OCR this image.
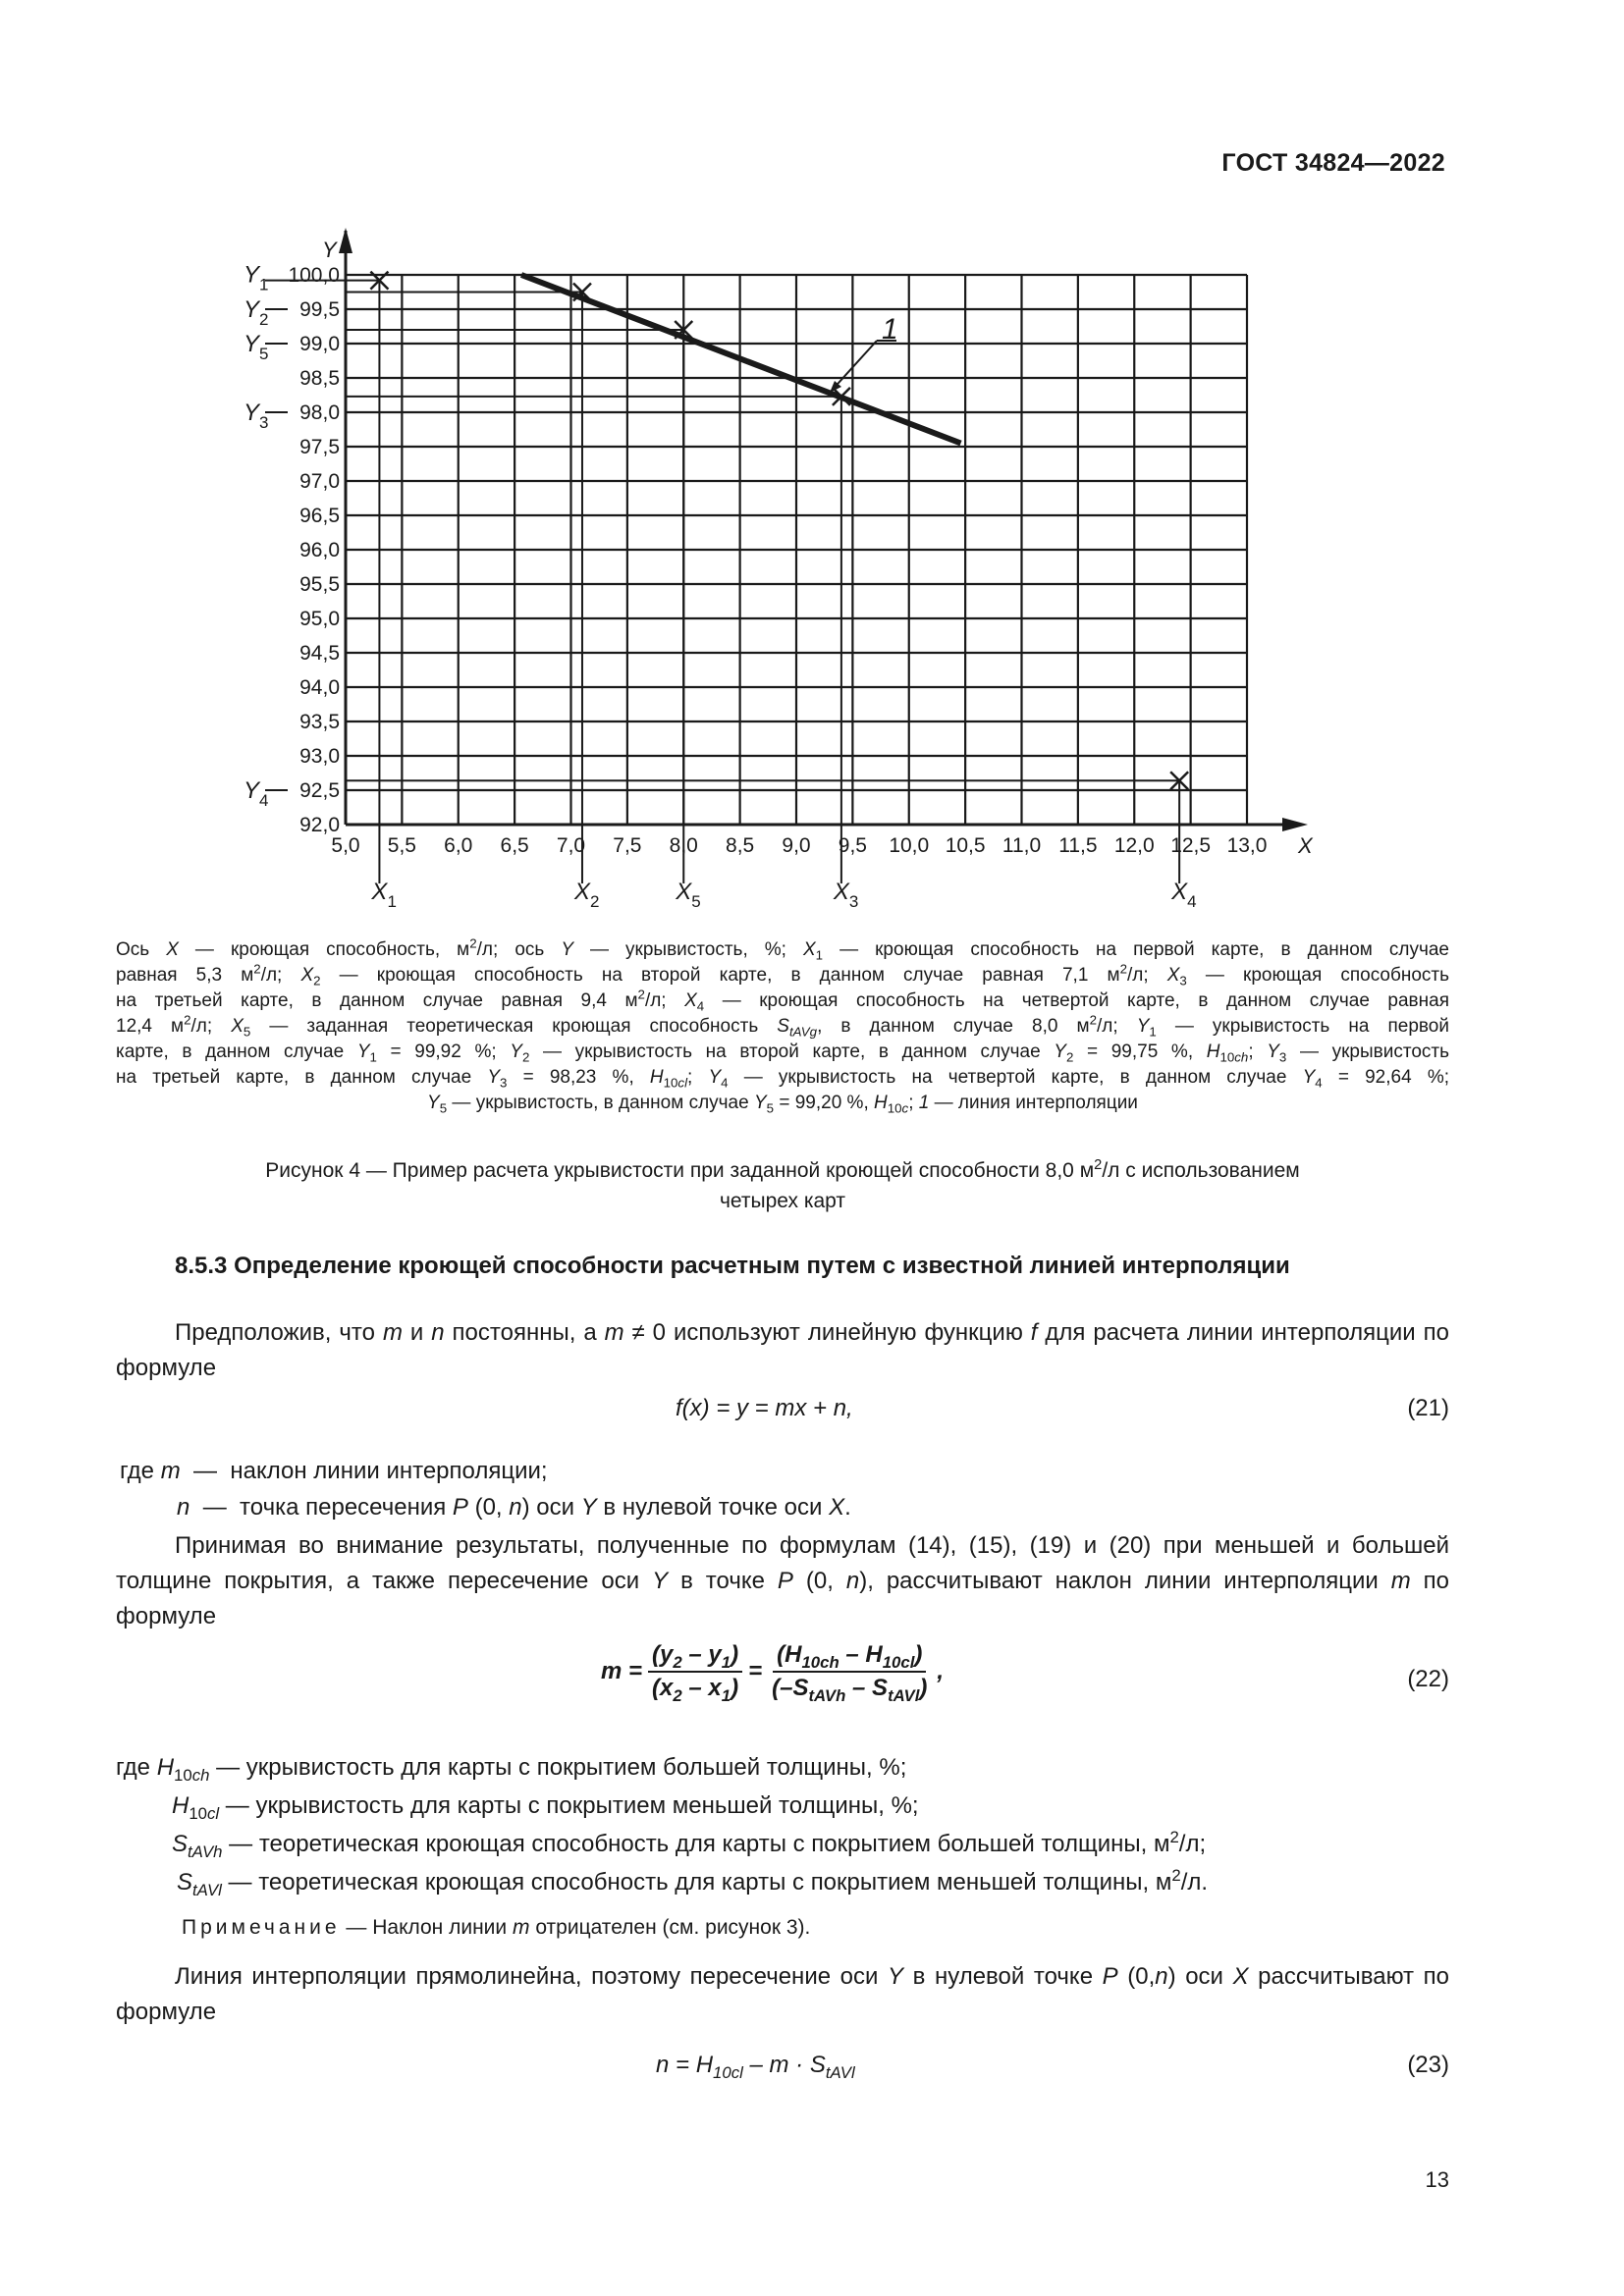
ГОСТ 34824—2022
Y
X
$X_1$	$X_2$	$X_3$	$X_4$
$X_5$
$Y_1$
$Y_2$
$Y_5$
$Y_3$
$Y_4$
1
5,0 5,5 6,0 6,5 7,0 7,5 8,0 8,5 9,0 9,5 10,0 10,5 11,0 11,5 12,0 12,5 13,0
92,0
92,5
93,0
93,5
94,0
94,5
95,0
95,5
96,0
96,5
97,0
97,5
98,0
98,5
99,0
99,5
100,0
Ось X — кроющая способность, $м^2/л$; ось Y — укрывистость, %; $X_1$ — кроющая способность на первой карте, в данном случае
равная 5,3 $м^2/л$; $X_2$ — кроющая способность на второй карте, в данном случае равная 7,1 $м^2/л$; $X_3$ — кроющая способность
на третьей карте, в данном случае равная 9,4 $м^2/л$; $X_4$ — кроющая способность на четвертой карте, в данном случае равная
12,4 $м^2/л$; $X_5$ — заданная теоретическая кроющая способность $S_{tAVg}$, в данном случае 8,0 $м^2/л$; $Y_1$ — укрывистость на первой
карте, в данном случае $Y_1 = 99,92$ %; $Y_2$ — укрывистость на второй карте, в данном случае $Y_2 = 99,75$ %, $H_{10ch}$; $Y_3$ — укрывистость
на третьей карте, в данном случае $Y_3 = 98,23$ %, $H_{10cl}$; $Y_4$ — укрывистость на четвертой карте, в данном случае $Y_4 = 92,64$ %;
$Y_5$ — укрывистость, в данном случае $Y_5 = 99,20$ %, $H_{10c}$; 1 — линия интерполяции
Рисунок 4 — Пример расчета укрывистости при заданной кроющей способности 8,0 $м^2/л$ с использованием
четырех карт
8.5.3 Определение кроющей способности расчетным путем с известной линией интерполяции
Предположив, что m и n постоянны, а m ≠ 0 используют линейную функцию f для расчета линии интерполяции по формуле
f(x) = y = mx + n,	(21)
где m — наклон линии интерполяции;
n —  точка пересечения P (0, n) оси Y в нулевой точке оси X.
Принимая во внимание результаты, полученные по формулам (14), (15), (19) и (20) при меньшей и большей толщине покрытия, а также пересечение оси Y в точке P (0, n), рассчитывают наклон линии интерполяции m по формуле
$m = \frac{(y_2 - y_1)}{(x_2 - x_1)} = \frac{(H_{10ch} - H_{10cl})}{(-S_{tAVh} - S_{tAVl})}$ ,	(22)
где $H_{10ch}$ — укрывистость для карты с покрытием большей толщины, %;
$H_{10cl}$ — укрывистость для карты с покрытием меньшей толщины, %;
$S_{tAVh}$ — теоретическая кроющая способность для карты с покрытием большей толщины, $м^2/л$;
$S_{tAVl}$ — теоретическая кроющая способность для карты с покрытием меньшей толщины, $м^2/л$.
Примечание — Наклон линии m отрицателен (см. рисунок 3).
Линия интерполяции прямолинейна, поэтому пересечение оси Y в нулевой точке P (0,n) оси X рассчитывают по формуле
$n = H_{10cl} - m \cdot S_{tAVl}$	(23)
13
